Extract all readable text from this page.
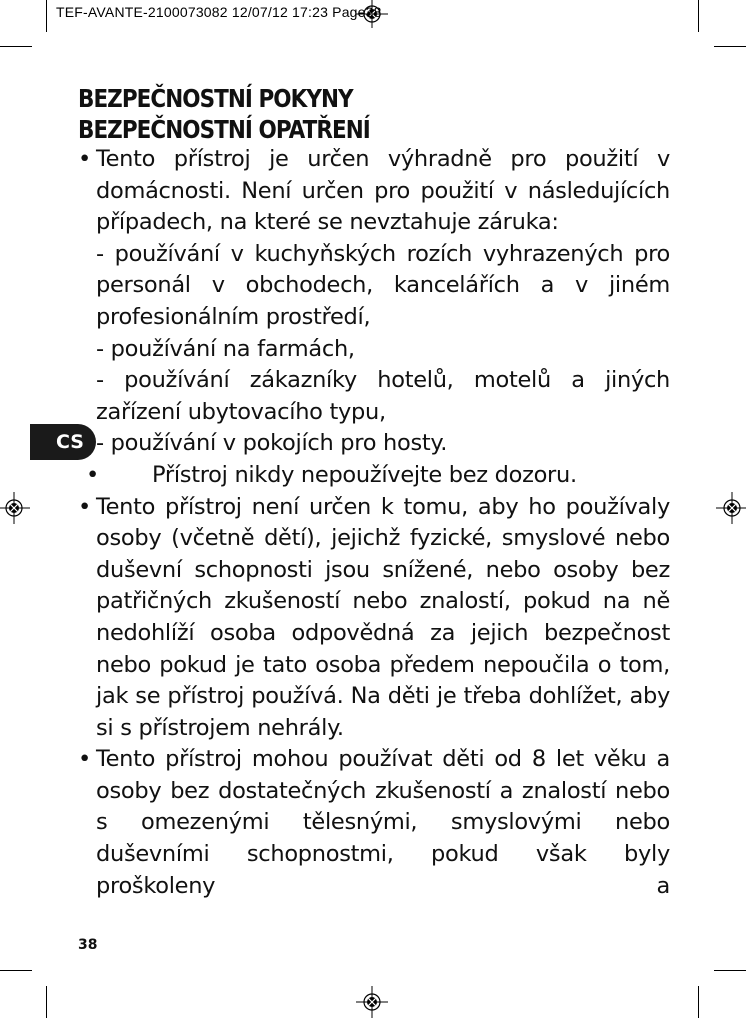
TEF-AVANTE-2100073082 12/07/12 17:23 Page38
BEZPEČNOSTNÍ POKYNY
BEZPEČNOSTNÍ OPATŘENÍ
• Tento přístroj je určen výhradně pro použití v domácnosti. Není určen pro použití v následujících případech, na které se nevztahuje záruka:
- používání v kuchyňských rozích vyhrazených pro personál v obchodech, kancelářích a v jiném profesionálním prostředí,
- používání na farmách,
- používání zákazníky hotelů, motelů a jiných zařízení ubytovacího typu,
- používání v pokojích pro hosty.
• Přístroj nikdy nepoužívejte bez dozoru.
• Tento přístroj není určen k tomu, aby ho používaly osoby (včetně dětí), jejichž fyzické, smyslové nebo duševní schopnosti jsou snížené, nebo osoby bez patřičných zkušeností nebo znalostí, pokud na ně nedohlíží osoba odpovědná za jejich bezpečnost nebo pokud je tato osoba předem nepoučila o tom, jak se přístroj používá. Na děti je třeba dohlížet, aby si s přístrojem nehrály.
• Tento přístroj mohou používat děti od 8 let věku a osoby bez dostatečných zkušeností a znalostí nebo s omezenými tělesnými, smyslovými nebo duševními schopnostmi, pokud však byly proškoleny a
CS
38
